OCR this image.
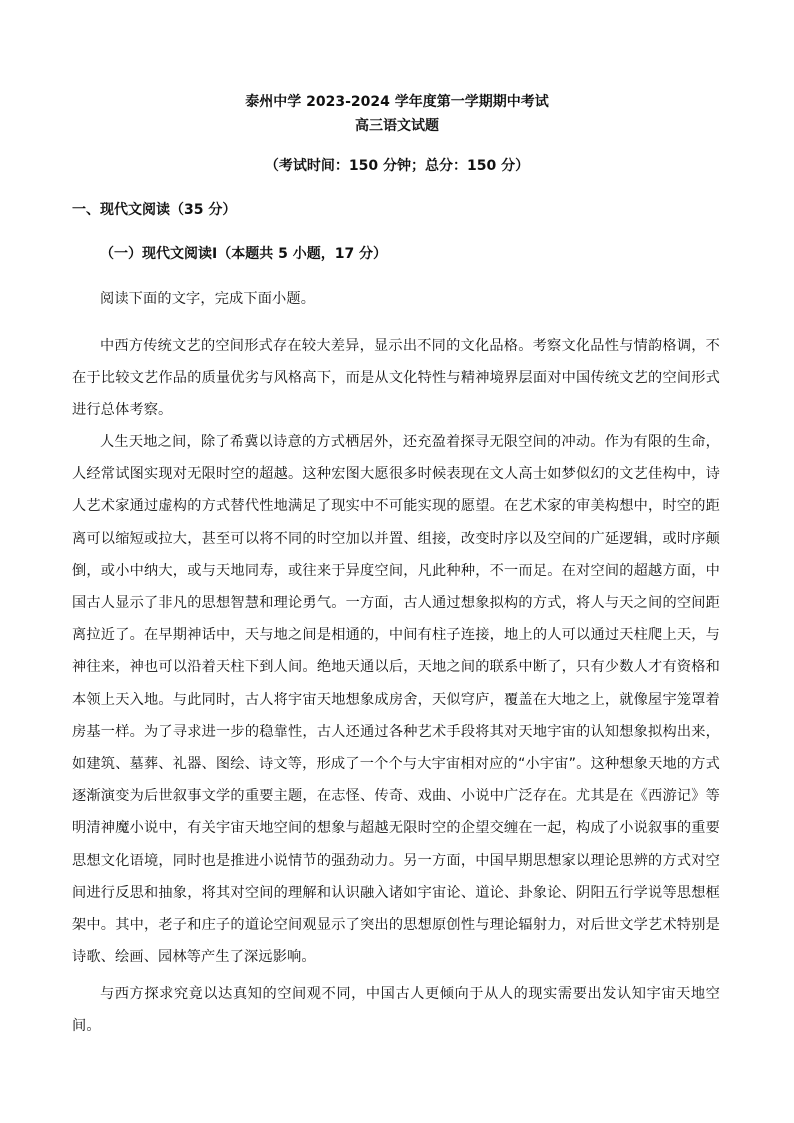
泰州中学 2023-2024 学年度第一学期期中考试
高三语文试题
（考试时间：150 分钟；总分：150 分）
一、现代文阅读（35 分）
（一）现代文阅读Ⅰ（本题共 5 小题，17 分）

阅读下面的文字，完成下面小题。

中西方传统文艺的空间形式存在较大差异，显示出不同的文化品格。考察文化品性与情韵格调，不在于比较文艺作品的质量优劣与风格高下，而是从文化特性与精神境界层面对中国传统文艺的空间形式进行总体考察。

人生天地之间，除了希冀以诗意的方式栖居外，还充盈着探寻无限空间的冲动。作为有限的生命，人经常试图实现对无限时空的超越。这种宏图大愿很多时候表现在文人高士如梦似幻的文艺佳构中，诗人艺术家通过虚构的方式替代性地满足了现实中不可能实现的愿望。在艺术家的审美构想中，时空的距离可以缩短或拉大，甚至可以将不同的时空加以并置、组接，改变时序以及空间的广延逻辑，或时序颠倒，或小中纳大，或与天地同寿，或往来于异度空间，凡此种种，不一而足。在对空间的超越方面，中国古人显示了非凡的思想智慧和理论勇气。一方面，古人通过想象拟构的方式，将人与天之间的空间距离拉近了。在早期神话中，天与地之间是相通的，中间有柱子连接，地上的人可以通过天柱爬上天，与神往来，神也可以沿着天柱下到人间。绝地天通以后，天地之间的联系中断了，只有少数人才有资格和本领上天入地。与此同时，古人将宇宙天地想象成房舍，天似穹庐，覆盖在大地之上，就像屋宇笼罩着房基一样。为了寻求进一步的稳靠性，古人还通过各种艺术手段将其对天地宇宙的认知想象拟构出来，如建筑、墓葬、礼器、图绘、诗文等，形成了一个个与大宇宙相对应的“小宇宙”。这种想象天地的方式逐渐演变为后世叙事文学的重要主题，在志怪、传奇、戏曲、小说中广泛存在。尤其是在《西游记》等明清神魔小说中，有关宇宙天地空间的想象与超越无限时空的企望交缠在一起，构成了小说叙事的重要思想文化语境，同时也是推进小说情节的强劲动力。另一方面，中国早期思想家以理论思辨的方式对空间进行反思和抽象，将其对空间的理解和认识融入诸如宇宙论、道论、卦象论、阴阳五行学说等思想框架中。其中，老子和庄子的道论空间观显示了突出的思想原创性与理论辐射力，对后世文学艺术特别是诗歌、绘画、园林等产生了深远影响。

与西方探求究竟以达真知的空间观不同，中国古人更倾向于从人的现实需要出发认知宇宙天地空间。
